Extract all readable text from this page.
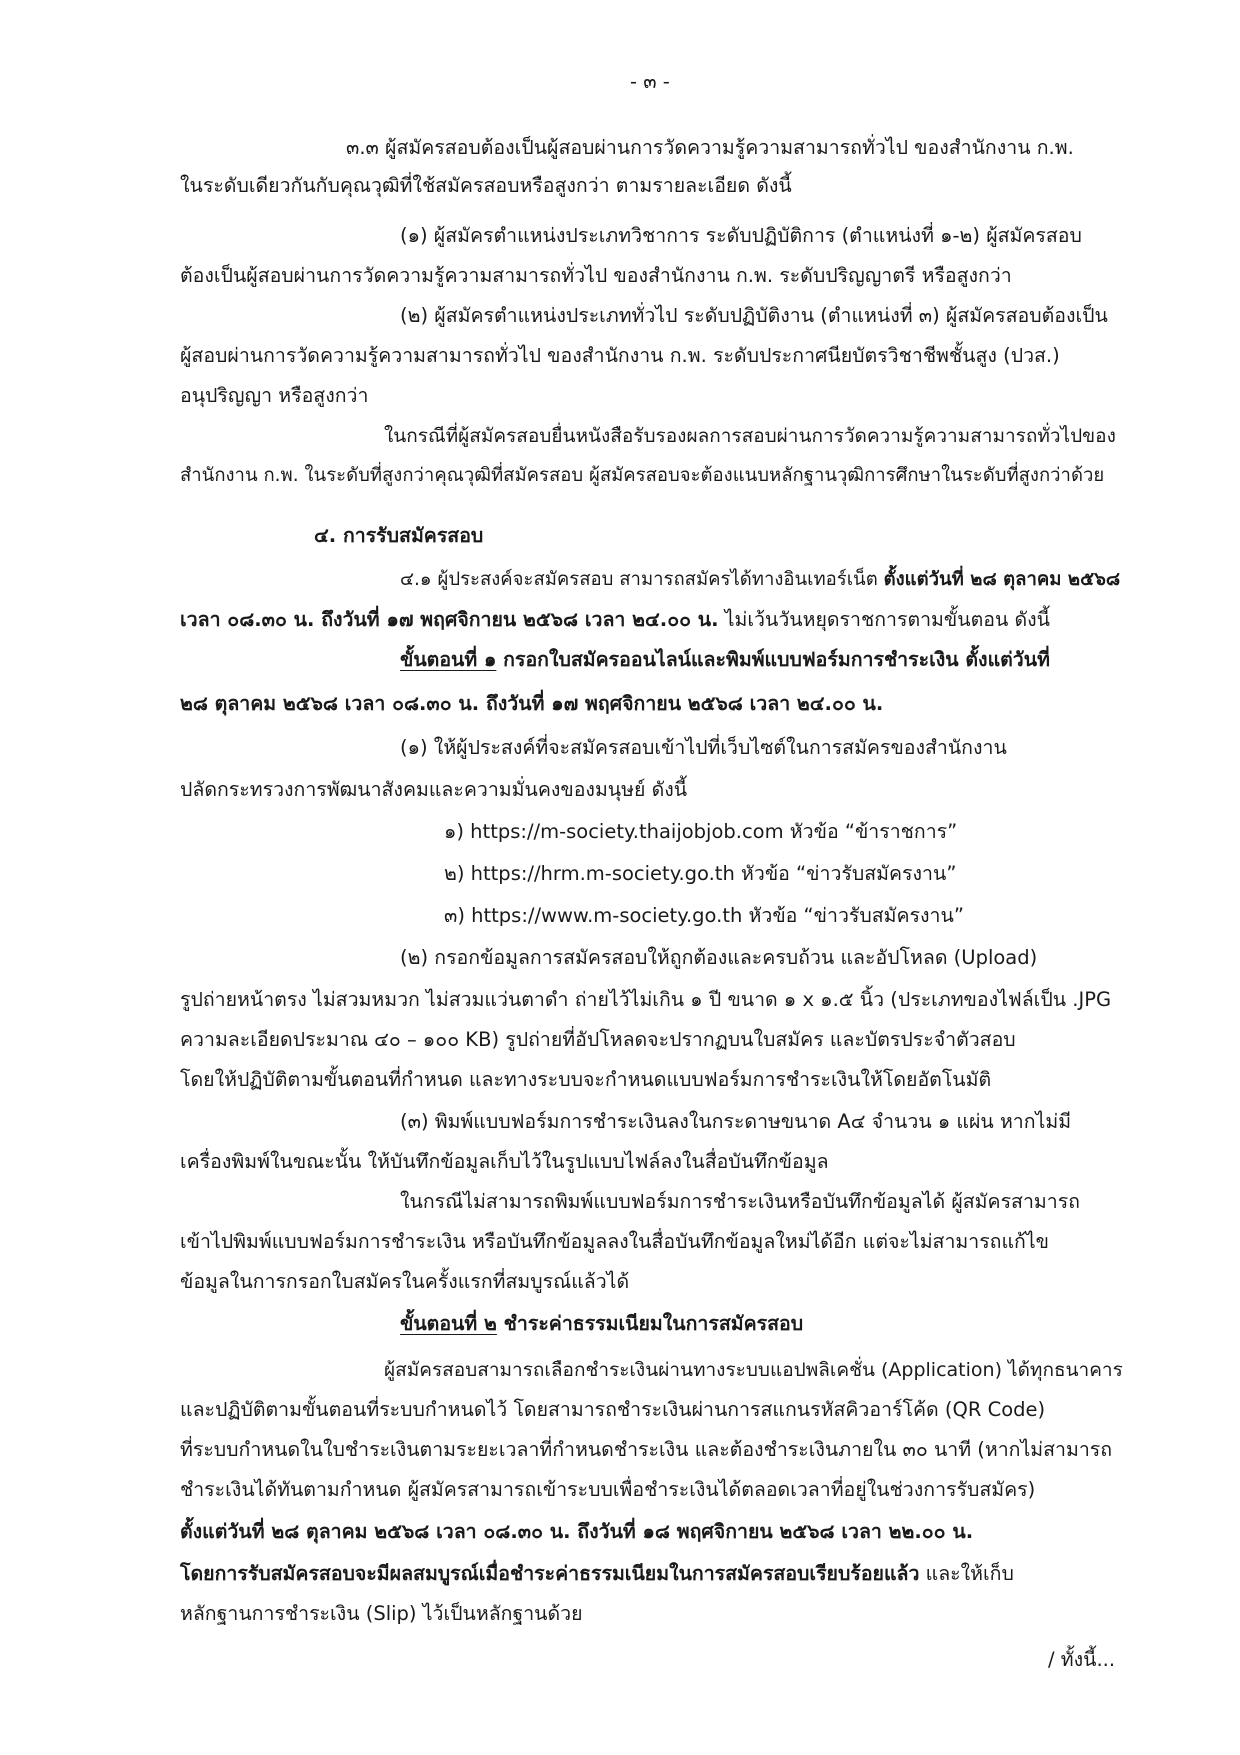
- ๓ -
๓.๓ ผู้สมัครสอบต้องเป็นผู้สอบผ่านการวัดความรู้ความสามารถทั่วไป ของสำนักงาน ก.พ.
ในระดับเดียวกันกับคุณวุฒิที่ใช้สมัครสอบหรือสูงกว่า ตามรายละเอียด ดังนี้
(๑) ผู้สมัครตำแหน่งประเภทวิชาการ ระดับปฏิบัติการ (ตำแหน่งที่ ๑-๒) ผู้สมัครสอบ
ต้องเป็นผู้สอบผ่านการวัดความรู้ความสามารถทั่วไป ของสำนักงาน ก.พ. ระดับปริญญาตรี หรือสูงกว่า
(๒) ผู้สมัครตำแหน่งประเภททั่วไป ระดับปฏิบัติงาน (ตำแหน่งที่ ๓) ผู้สมัครสอบต้องเป็น
ผู้สอบผ่านการวัดความรู้ความสามารถทั่วไป ของสำนักงาน ก.พ. ระดับประกาศนียบัตรวิชาชีพชั้นสูง (ปวส.)
อนุปริญญา หรือสูงกว่า
ในกรณีที่ผู้สมัครสอบยื่นหนังสือรับรองผลการสอบผ่านการวัดความรู้ความสามารถทั่วไปของ
สำนักงาน ก.พ. ในระดับที่สูงกว่าคุณวุฒิที่สมัครสอบ ผู้สมัครสอบจะต้องแนบหลักฐานวุฒิการศึกษาในระดับที่สูงกว่าด้วย
๔. การรับสมัครสอบ
๔.๑ ผู้ประสงค์จะสมัครสอบ สามารถสมัครได้ทางอินเทอร์เน็ต ตั้งแต่วันที่ ๒๘ ตุลาคม ๒๕๖๘
เวลา ๐๘.๓๐ น. ถึงวันที่ ๑๗ พฤศจิกายน ๒๕๖๘ เวลา ๒๔.๐๐ น. ไม่เว้นวันหยุดราชการตามขั้นตอน ดังนี้
ขั้นตอนที่ ๑ กรอกใบสมัครออนไลน์และพิมพ์แบบฟอร์มการชำระเงิน ตั้งแต่วันที่
๒๘ ตุลาคม ๒๕๖๘ เวลา ๐๘.๓๐ น. ถึงวันที่ ๑๗ พฤศจิกายน ๒๕๖๘ เวลา ๒๔.๐๐ น.
(๑) ให้ผู้ประสงค์ที่จะสมัครสอบเข้าไปที่เว็บไซต์ในการสมัครของสำนักงาน
ปลัดกระทรวงการพัฒนาสังคมและความมั่นคงของมนุษย์ ดังนี้
๑) https://m-society.thaijobjob.com หัวข้อ “ข้าราชการ”
๒) https://hrm.m-society.go.th หัวข้อ “ข่าวรับสมัครงาน”
๓) https://www.m-society.go.th หัวข้อ “ข่าวรับสมัครงาน”
(๒) กรอกข้อมูลการสมัครสอบให้ถูกต้องและครบถ้วน และอัปโหลด (Upload)
รูปถ่ายหน้าตรง ไม่สวมหมวก ไม่สวมแว่นตาดำ ถ่ายไว้ไม่เกิน ๑ ปี ขนาด ๑ x ๑.๕ นิ้ว (ประเภทของไฟล์เป็น .JPG
ความละเอียดประมาณ ๔๐ – ๑๐๐ KB) รูปถ่ายที่อัปโหลดจะปรากฏบนใบสมัคร และบัตรประจำตัวสอบ
โดยให้ปฏิบัติตามขั้นตอนที่กำหนด และทางระบบจะกำหนดแบบฟอร์มการชำระเงินให้โดยอัตโนมัติ
(๓) พิมพ์แบบฟอร์มการชำระเงินลงในกระดาษขนาด A๔ จำนวน ๑ แผ่น หากไม่มี
เครื่องพิมพ์ในขณะนั้น ให้บันทึกข้อมูลเก็บไว้ในรูปแบบไฟล์ลงในสื่อบันทึกข้อมูล
ในกรณีไม่สามารถพิมพ์แบบฟอร์มการชำระเงินหรือบันทึกข้อมูลได้ ผู้สมัครสามารถ
เข้าไปพิมพ์แบบฟอร์มการชำระเงิน หรือบันทึกข้อมูลลงในสื่อบันทึกข้อมูลใหม่ได้อีก แต่จะไม่สามารถแก้ไข
ข้อมูลในการกรอกใบสมัครในครั้งแรกที่สมบูรณ์แล้วได้
ขั้นตอนที่ ๒ ชำระค่าธรรมเนียมในการสมัครสอบ
ผู้สมัครสอบสามารถเลือกชำระเงินผ่านทางระบบแอปพลิเคชั่น (Application) ได้ทุกธนาคาร
และปฏิบัติตามขั้นตอนที่ระบบกำหนดไว้ โดยสามารถชำระเงินผ่านการสแกนรหัสคิวอาร์โค้ด (QR Code)
ที่ระบบกำหนดในใบชำระเงินตามระยะเวลาที่กำหนดชำระเงิน และต้องชำระเงินภายใน ๓๐ นาที (หากไม่สามารถ
ชำระเงินได้ทันตามกำหนด ผู้สมัครสามารถเข้าระบบเพื่อชำระเงินได้ตลอดเวลาที่อยู่ในช่วงการรับสมัคร)
ตั้งแต่วันที่ ๒๘ ตุลาคม ๒๕๖๘ เวลา ๐๘.๓๐ น. ถึงวันที่ ๑๘ พฤศจิกายน ๒๕๖๘ เวลา ๒๒.๐๐ น.
โดยการรับสมัครสอบจะมีผลสมบูรณ์เมื่อชำระค่าธรรมเนียมในการสมัครสอบเรียบร้อยแล้ว และให้เก็บ
หลักฐานการชำระเงิน (Slip) ไว้เป็นหลักฐานด้วย
/ ทั้งนี้...
